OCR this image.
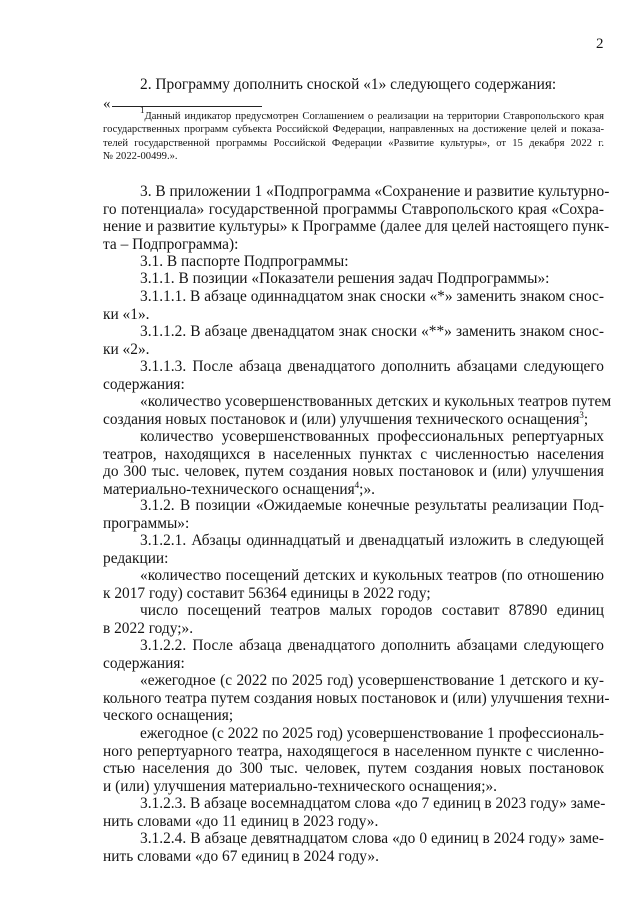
2
2. Программу дополнить сноской «1» следующего содержания:
«	$^1$Данный индикатор предусмотрен Соглашением о реализации на территории Ставропольского края
государственных программ субъекта Российской Федерации, направленных на достижение целей и показа-
телей государственной программы Российской Федерации «Развитие культуры», от 15 декабря 2022 г.
№ 2022-00499.».
3. В приложении 1 «Подпрограмма «Сохранение и развитие культурно-
го потенциала» государственной программы Ставропольского края «Сохра-
нение и развитие культуры» к Программе (далее для целей настоящего пунк-
та – Подпрограмма):
3.1. В паспорте Подпрограммы:
3.1.1. В позиции «Показатели решения задач Подпрограммы»:
3.1.1.1. В абзаце одиннадцатом знак сноски «*» заменить знаком снос-
ки «1».
3.1.1.2. В абзаце двенадцатом знак сноски «**» заменить знаком снос-
ки «2».
3.1.1.3. После абзаца двенадцатого дополнить абзацами следующего
содержания:
«количество усовершенствованных детских и кукольных театров путем
создания новых постановок и (или) улучшения технического оснащения$^3$;
количество усовершенствованных профессиональных репертуарных
театров, находящихся в населенных пунктах с численностью населения
до 300 тыс. человек, путем создания новых постановок и (или) улучшения
материально-технического оснащения$^4$;».
3.1.2. В позиции «Ожидаемые конечные результаты реализации Под-
программы»:
3.1.2.1. Абзацы одиннадцатый и двенадцатый изложить в следующей
редакции:
«количество посещений детских и кукольных театров (по отношению
к 2017 году) составит 56364 единицы в 2022 году;
число посещений театров малых городов составит 87890 единиц
в 2022 году;».
3.1.2.2. После абзаца двенадцатого дополнить абзацами следующего
содержания:
«ежегодное (с 2022 по 2025 год) усовершенствование 1 детского и ку-
кольного театра путем создания новых постановок и (или) улучшения техни-
ческого оснащения;
ежегодное (с 2022 по 2025 год) усовершенствование 1 профессиональ-
ного репертуарного театра, находящегося в населенном пункте с численно-
стью населения до 300 тыс. человек, путем создания новых постановок
и (или) улучшения материально-технического оснащения;».
3.1.2.3. В абзаце восемнадцатом слова «до 7 единиц в 2023 году» заме-
нить словами «до 11 единиц в 2023 году».
3.1.2.4. В абзаце девятнадцатом слова «до 0 единиц в 2024 году» заме-
нить словами «до 67 единиц в 2024 году».
